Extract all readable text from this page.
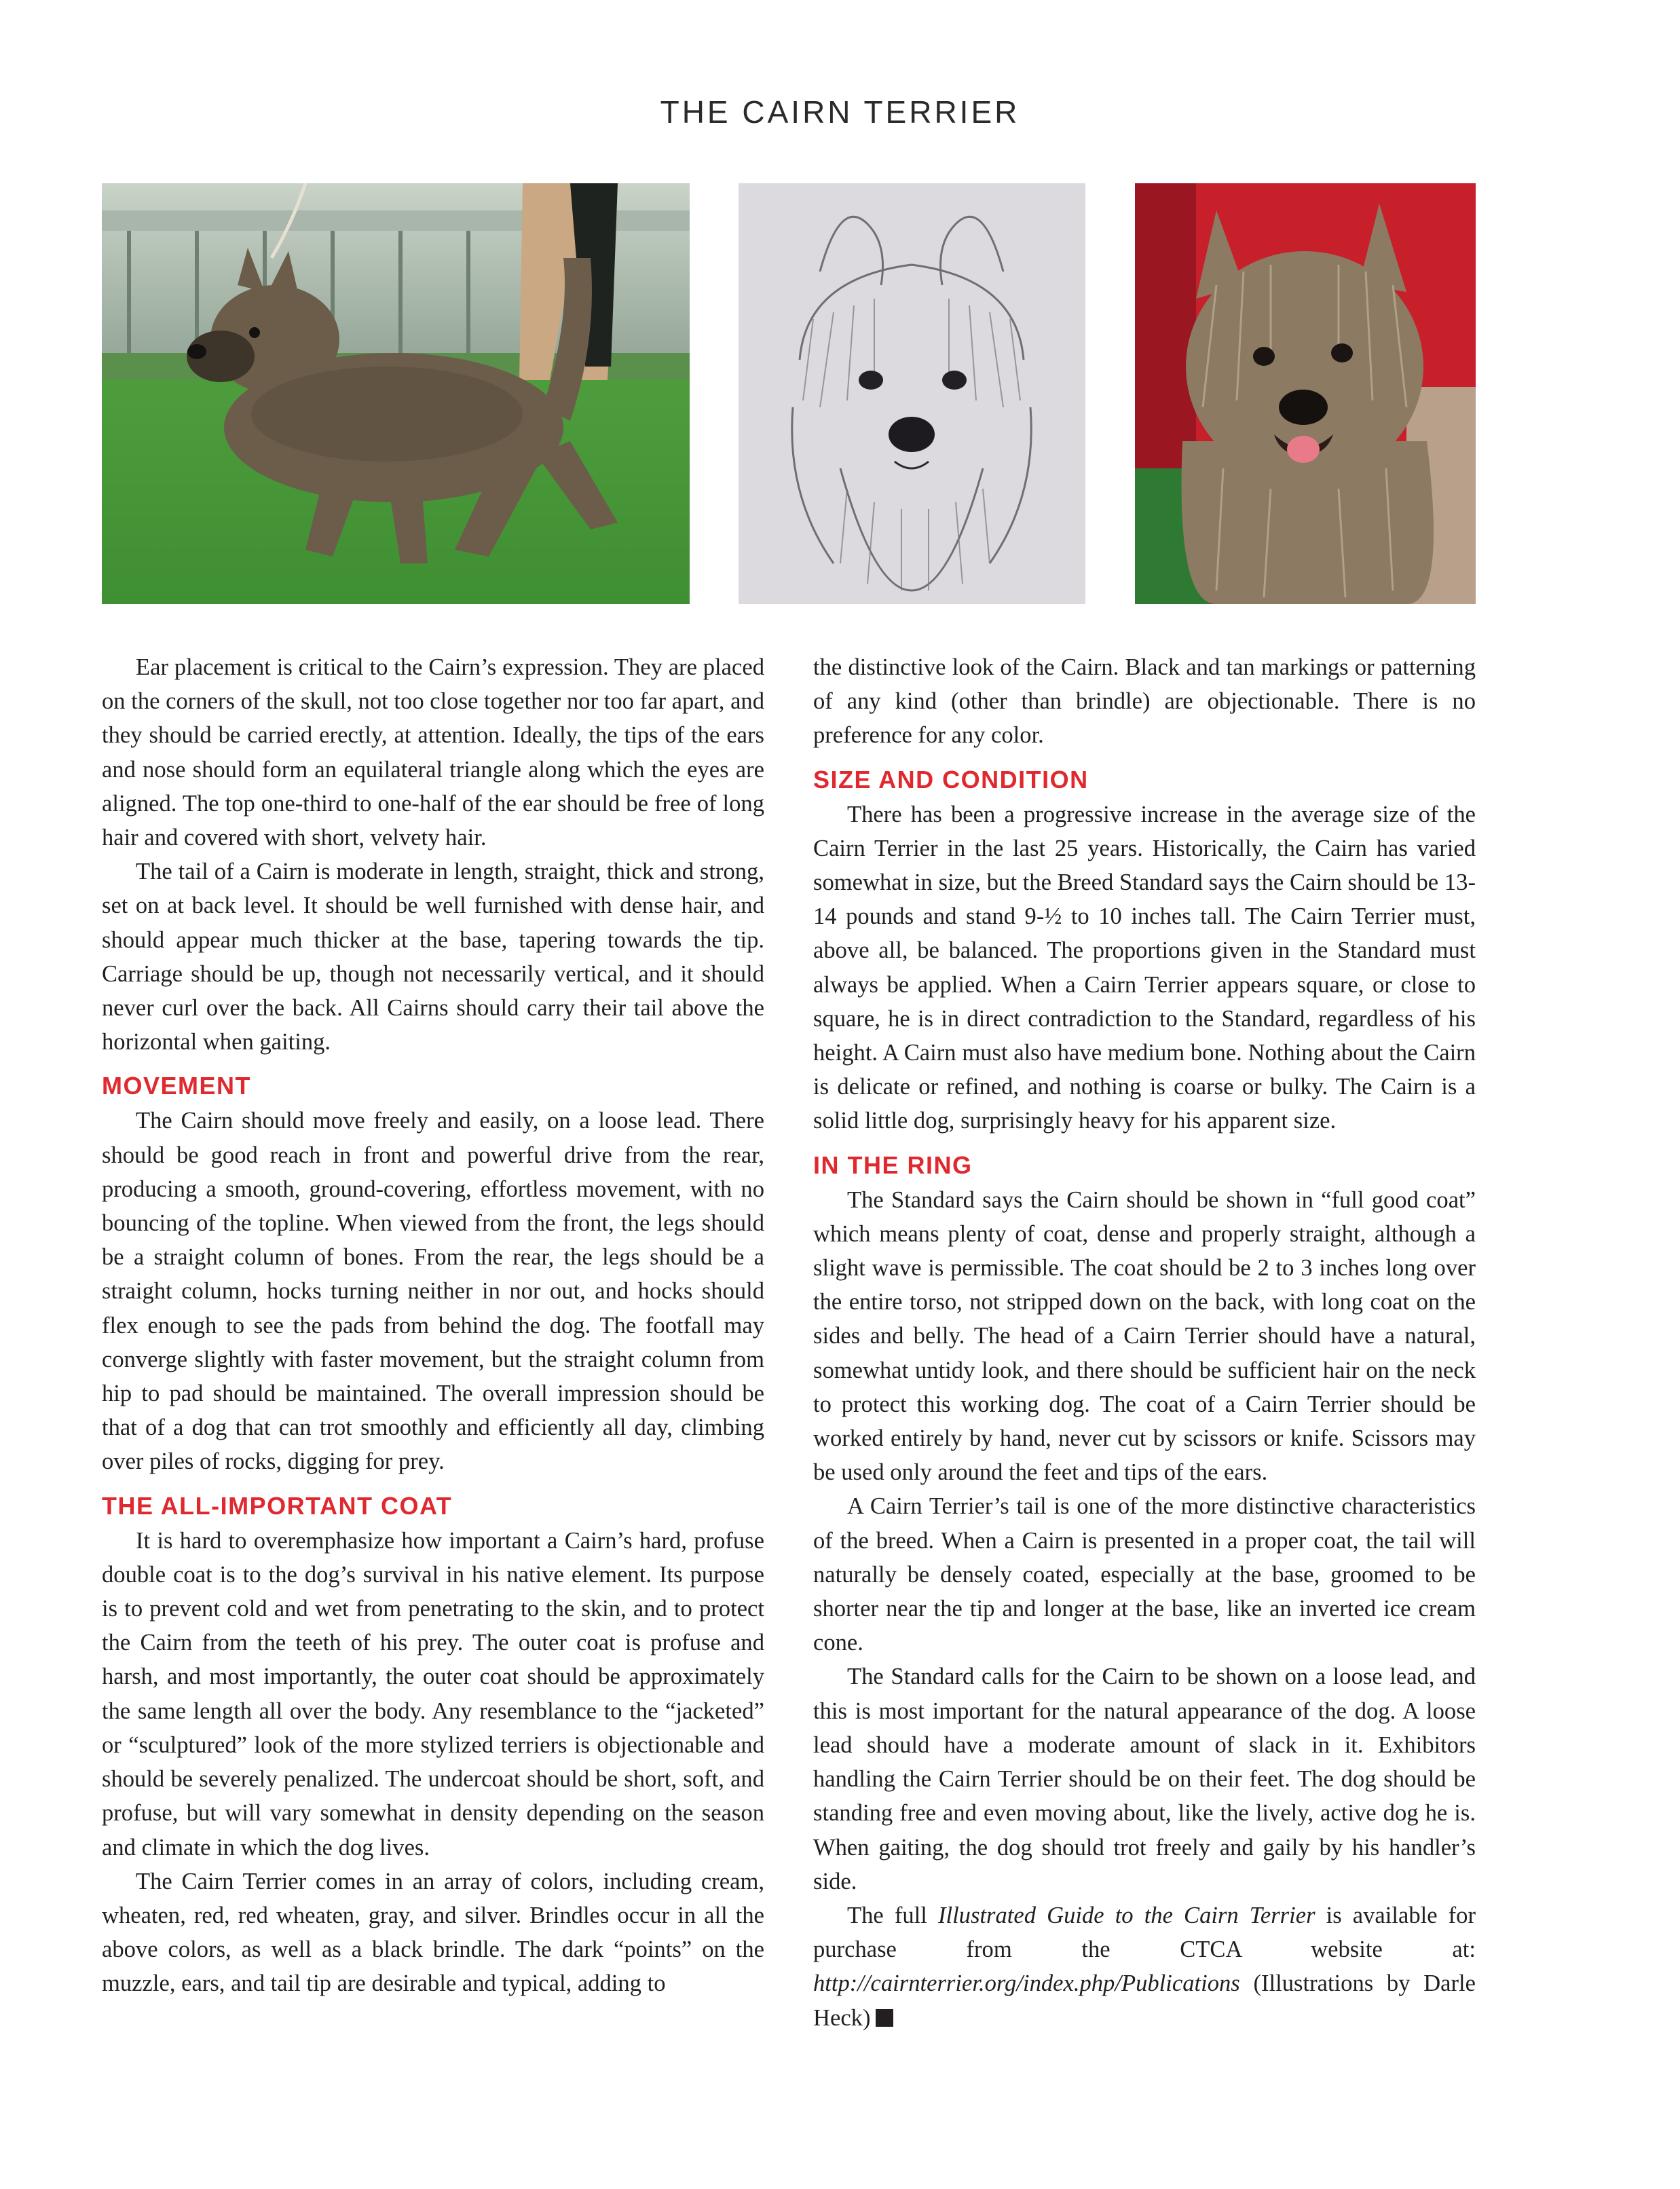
THE CAIRN TERRIER

Ear placement is critical to the Cairn’s expression. They are placed on the corners of the skull, not too close together nor too far apart, and they should be carried erectly, at attention. Ideally, the tips of the ears and nose should form an equilateral triangle along which the eyes are aligned. The top one-third to one-half of the ear should be free of long hair and covered with short, velvety hair.

The tail of a Cairn is moderate in length, straight, thick and strong, set on at back level. It should be well furnished with dense hair, and should appear much thicker at the base, tapering towards the tip. Carriage should be up, though not necessarily vertical, and it should never curl over the back. All Cairns should carry their tail above the horizontal when gaiting.

MOVEMENT

The Cairn should move freely and easily, on a loose lead. There should be good reach in front and powerful drive from the rear, producing a smooth, ground-covering, effortless movement, with no bouncing of the topline. When viewed from the front, the legs should be a straight column of bones. From the rear, the legs should be a straight column, hocks turning neither in nor out, and hocks should flex enough to see the pads from behind the dog. The footfall may converge slightly with faster movement, but the straight column from hip to pad should be maintained. The overall impression should be that of a dog that can trot smoothly and efficiently all day, climbing over piles of rocks, digging for prey.

THE ALL-IMPORTANT COAT

It is hard to overemphasize how important a Cairn’s hard, profuse double coat is to the dog’s survival in his native element. Its purpose is to prevent cold and wet from penetrating to the skin, and to protect the Cairn from the teeth of his prey. The outer coat is profuse and harsh, and most importantly, the outer coat should be approximately the same length all over the body. Any resemblance to the “jacketed” or “sculptured” look of the more stylized terriers is objectionable and should be severely penalized. The undercoat should be short, soft, and profuse, but will vary somewhat in density depending on the season and climate in which the dog lives.

The Cairn Terrier comes in an array of colors, including cream, wheaten, red, red wheaten, gray, and silver. Brindles occur in all the above colors, as well as a black brindle. The dark “points” on the muzzle, ears, and tail tip are desirable and typical, adding to

the distinctive look of the Cairn. Black and tan markings or patterning of any kind (other than brindle) are objectionable. There is no preference for any color.

SIZE AND CONDITION

There has been a progressive increase in the average size of the Cairn Terrier in the last 25 years. Historically, the Cairn has varied somewhat in size, but the Breed Standard says the Cairn should be 13-14 pounds and stand 9-½ to 10 inches tall. The Cairn Terrier must, above all, be balanced. The proportions given in the Standard must always be applied. When a Cairn Terrier appears square, or close to square, he is in direct contradiction to the Standard, regardless of his height. A Cairn must also have medium bone. Nothing about the Cairn is delicate or refined, and nothing is coarse or bulky. The Cairn is a solid little dog, surprisingly heavy for his apparent size.

IN THE RING

The Standard says the Cairn should be shown in “full good coat” which means plenty of coat, dense and properly straight, although a slight wave is permissible. The coat should be 2 to 3 inches long over the entire torso, not stripped down on the back, with long coat on the sides and belly. The head of a Cairn Terrier should have a natural, somewhat untidy look, and there should be sufficient hair on the neck to protect this working dog. The coat of a Cairn Terrier should be worked entirely by hand, never cut by scissors or knife. Scissors may be used only around the feet and tips of the ears.

A Cairn Terrier’s tail is one of the more distinctive characteristics of the breed. When a Cairn is presented in a proper coat, the tail will naturally be densely coated, especially at the base, groomed to be shorter near the tip and longer at the base, like an inverted ice cream cone.

The Standard calls for the Cairn to be shown on a loose lead, and this is most important for the natural appearance of the dog. A loose lead should have a moderate amount of slack in it. Exhibitors handling the Cairn Terrier should be on their feet. The dog should be standing free and even moving about, like the lively, active dog he is. When gaiting, the dog should trot freely and gaily by his handler’s side.

The full Illustrated Guide to the Cairn Terrier is available for purchase from the CTCA website at: http://cairnterrier.org/index.php/Publications (Illustrations by Darle Heck)
